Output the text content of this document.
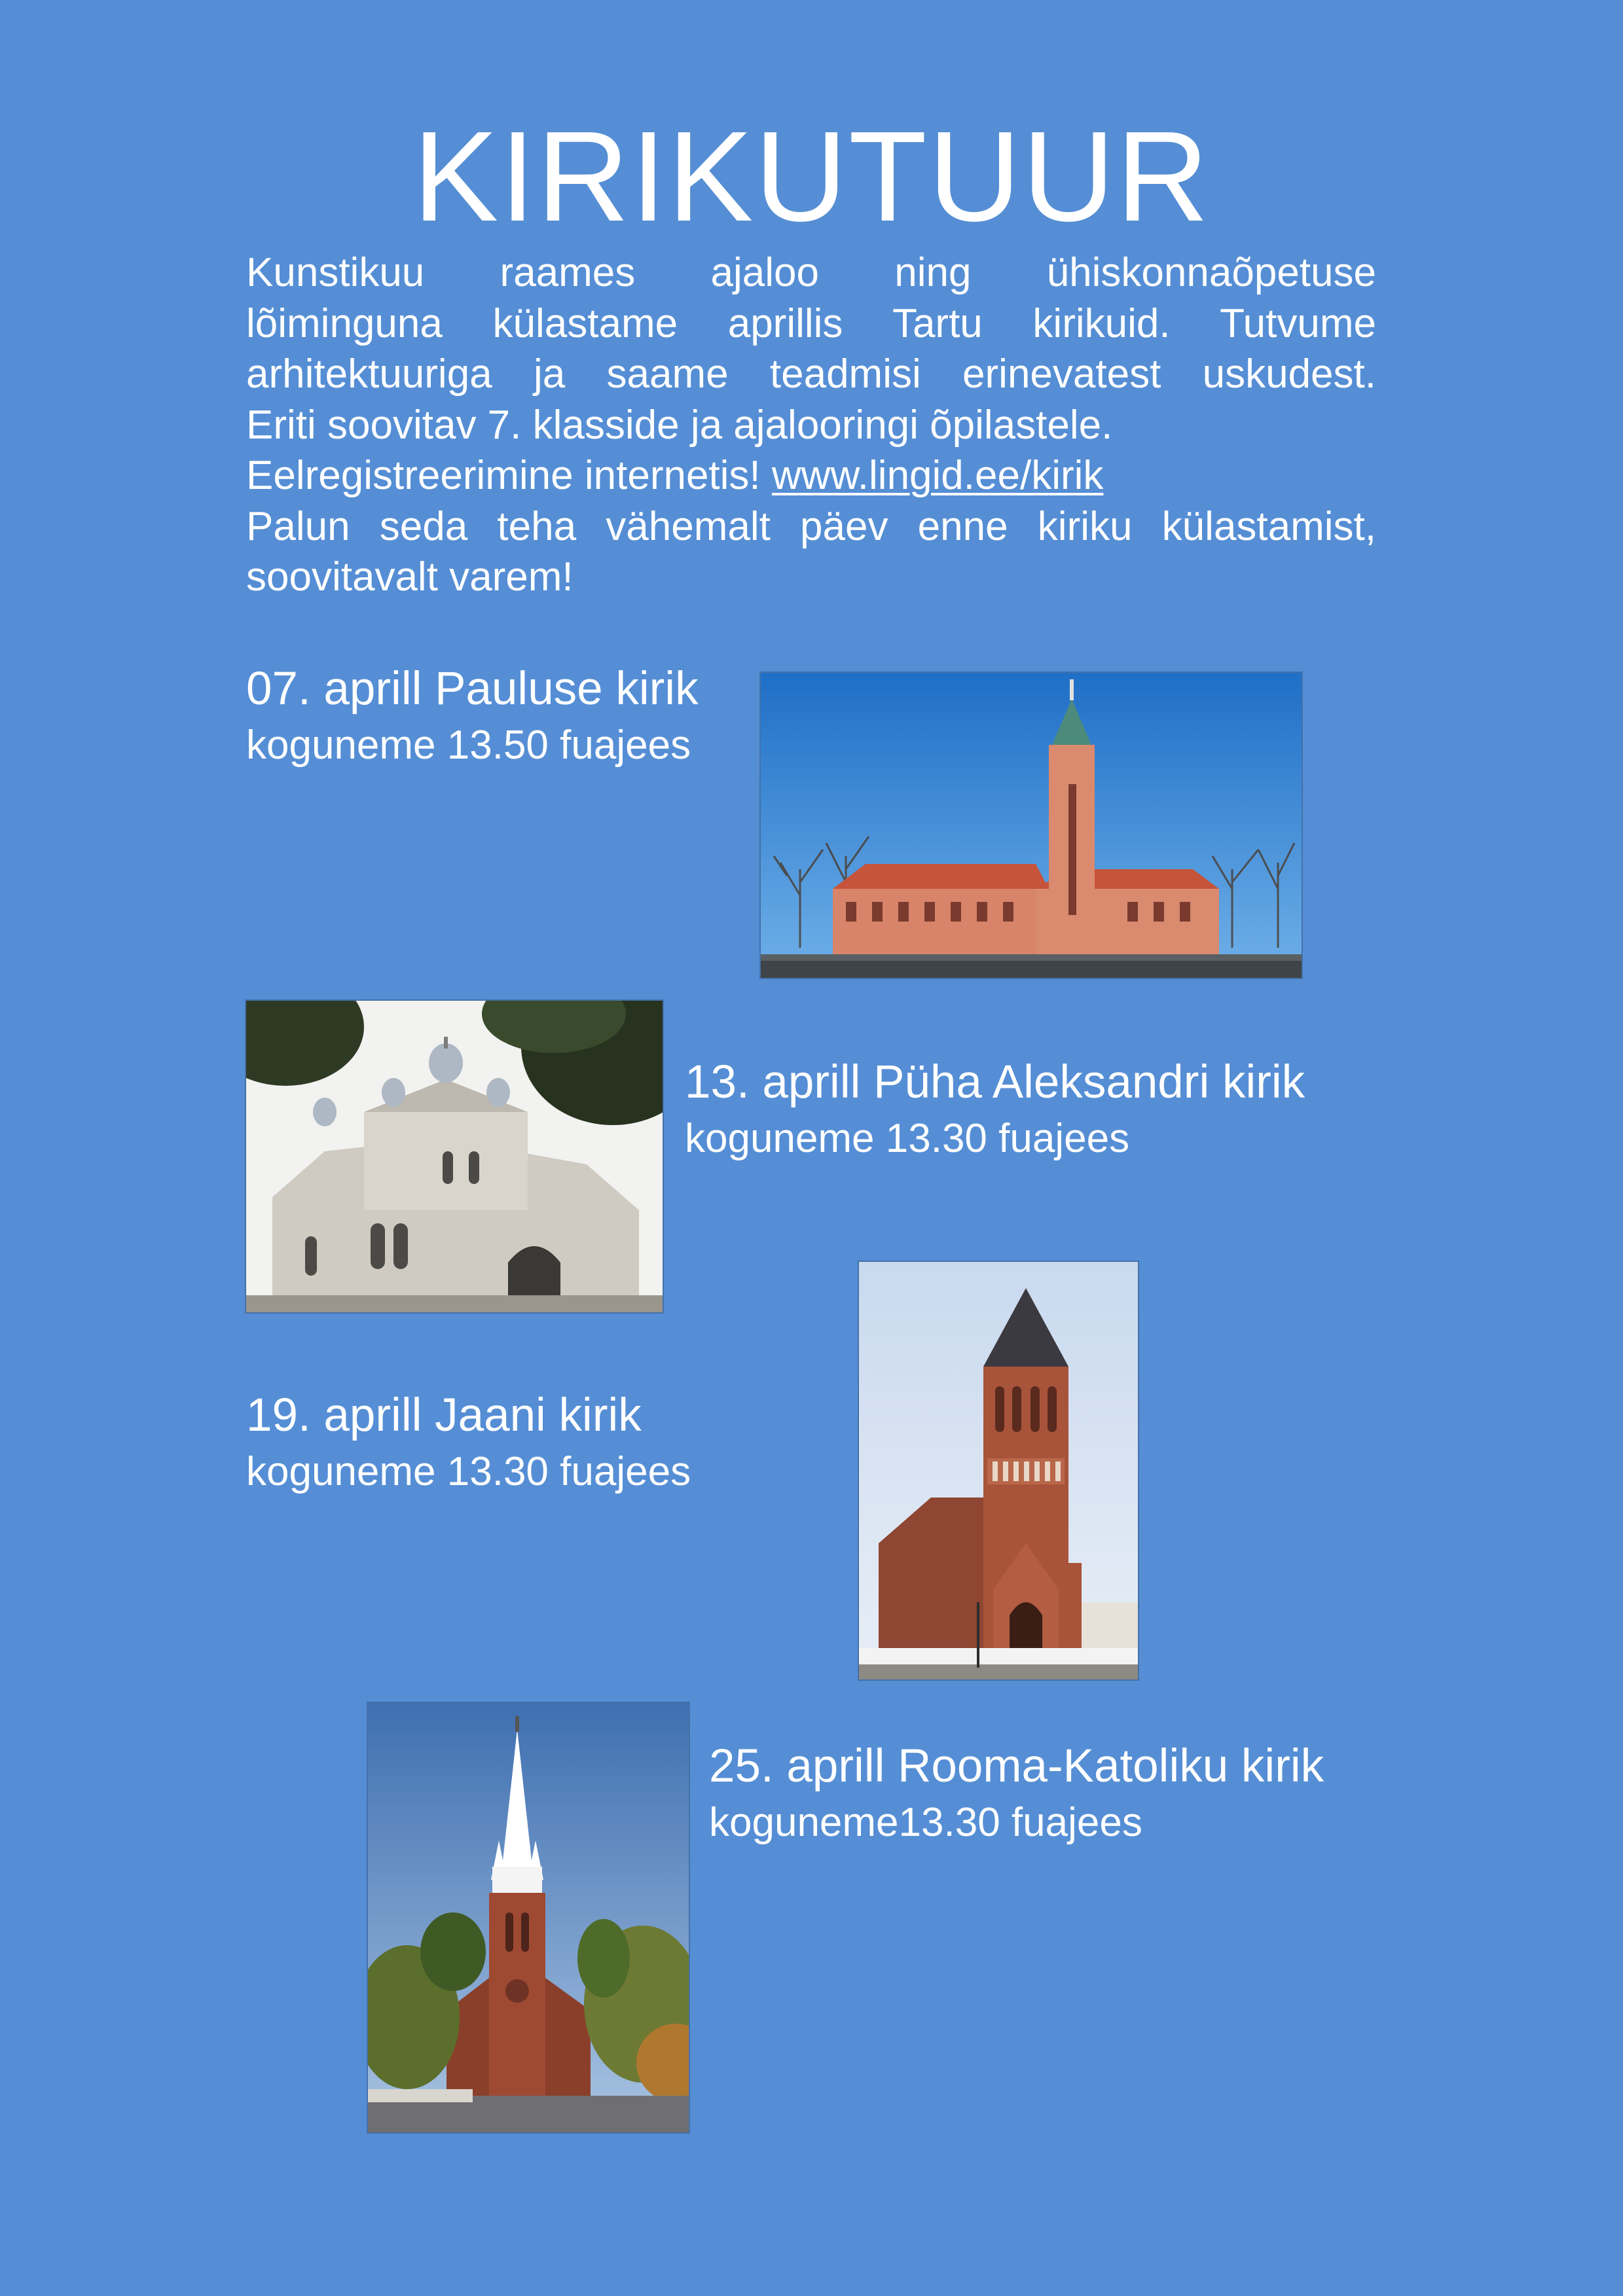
KIRIKUTUUR
Kunstikuu raames ajaloo ning ühiskonnaõpetuse
lõiminguna külastame aprillis Tartu kirikuid. Tutvume
arhitektuuriga ja saame teadmisi erinevatest uskudest.
Eriti soovitav 7. klasside ja ajalooringi õpilastele.
Eelregistreerimine internetis! www.lingid.ee/kirik
Palun seda teha vähemalt päev enne kiriku külastamist,
soovitavalt varem!

07. aprill Pauluse kirik

koguneme 13.50 fuajees

13. aprill Püha Aleksandri kirik

koguneme 13.30 fuajees

19. aprill Jaani kirik

koguneme 13.30 fuajees

25. aprill Rooma-Katoliku kirik

koguneme13.30 fuajees
